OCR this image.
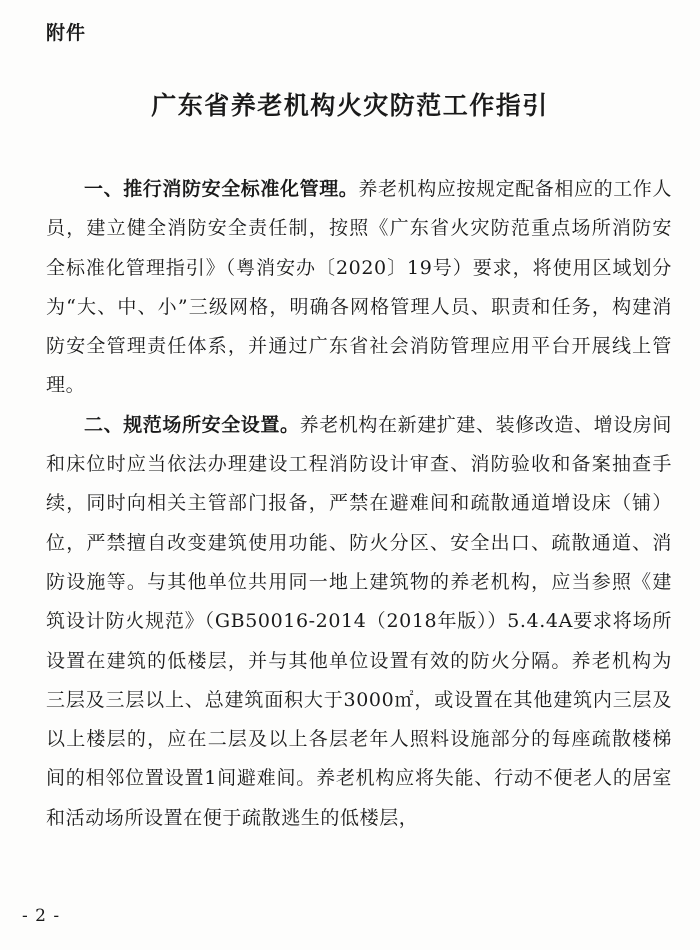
附件
广东省养老机构火灾防范工作指引

一、推行消防安全标准化管理。养老机构应按规定配备相应的工作人员，建立健全消防安全责任制，按照《广东省火灾防范重点场所消防安全标准化管理指引》（粤消安办〔2020〕19号）要求，将使用区域划分为“大、中、小”三级网格，明确各网格管理人员、职责和任务，构建消防安全管理责任体系，并通过广东省社会消防管理应用平台开展线上管理。

二、规范场所安全设置。养老机构在新建扩建、装修改造、增设房间和床位时应当依法办理建设工程消防设计审查、消防验收和备案抽查手续，同时向相关主管部门报备，严禁在避难间和疏散通道增设床（铺）位，严禁擅自改变建筑使用功能、防火分区、安全出口、疏散通道、消防设施等。与其他单位共用同一地上建筑物的养老机构，应当参照《建筑设计防火规范》（GB50016-2014（2018年版））5.4.4A要求将场所设置在建筑的低楼层，并与其他单位设置有效的防火分隔。养老机构为三层及三层以上、总建筑面积大于3000㎡，或设置在其他建筑内三层及以上楼层的，应在二层及以上各层老年人照料设施部分的每座疏散楼梯间的相邻位置设置1间避难间。养老机构应将失能、行动不便老人的居室和活动场所设置在便于疏散逃生的低楼层，

- 2 -
